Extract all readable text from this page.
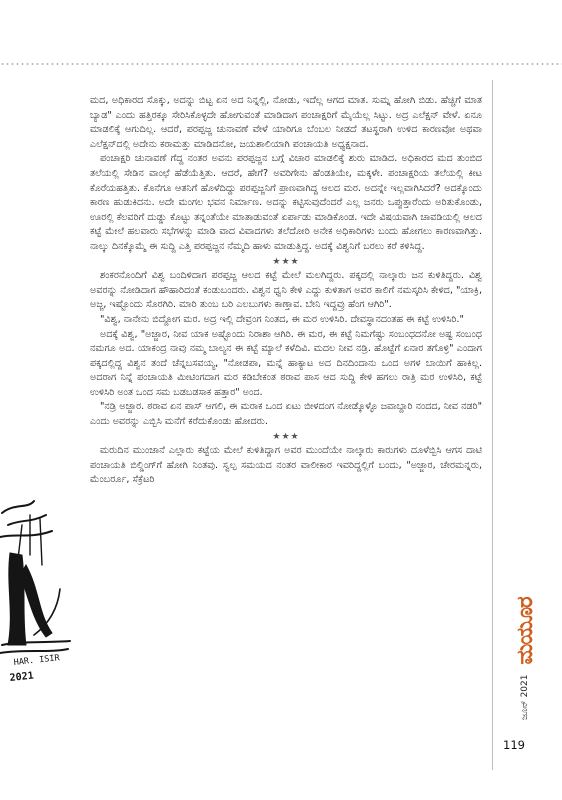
ಮದ, ಅಧಿಕಾರದ ಸೊಕ್ಕು, ಅದನ್ನು ಬಿಟ್ಟ ಏನ ಅದ ನಿನ್ನಲ್ಲಿ, ನೋಡು, ಇದೆಲ್ಲ ಆಗದ ಮಾತ. ಸುಮ್ನ ಹೋಗಿ ಬಿಡು. ಹೆಚ್ಚಿಗೆ ಮಾತ ಬ್ಯಾಡ" ಎಂದು ಹತ್ತಿರಕ್ಕೂ ಸೇರಿಸಿಕೊಳ್ಳದೇ ಹೋಗುವಂತೆ ಮಾಡಿದಾಗ ಪಂಚಾಕ್ಷರಿಗೆ ಮೈಯೆಲ್ಲ ಸಿಟ್ಟು. ಅದ್ರ ಎಲೆಕ್ಷನ್ ವೇಳೆ. ಏನೂ ಮಾಡಲಿಕ್ಕೆ ಆಗುದಿಲ್ಲ. ಆದರೆ, ಪರಪ್ಪಜ್ಜ ಚುನಾವಣೆ ವೇಳೆ ಯಾರಿಗೂ ಬೆಂಬಲ ನೀಡದೆ ತಟಸ್ಥರಾಗಿ ಉಳಿದ ಕಾರಣವೋ ಅಥವಾ ಎಲೆಕ್ಷನ್‌ದಲ್ಲಿ ಅದೇನು ಕರಾಮತ್ತು ಮಾಡಿದನೋ, ಜಯಶಾಲಿಯಾಗಿ ಪಂಚಾಯತಿ ಅಧ್ಯಕ್ಷನಾದ.

ಪಂಚಾಕ್ಷರಿ ಚುನಾವಣೆ ಗೆದ್ದ ನಂತರ ಅವನು ಪರಪ್ಪಜ್ಜನ ಬಗ್ಗೆ ವಿಚಾರ ಮಾಡಲಿಕ್ಕೆ ಶುರು ಮಾಡಿದ. ಅಧಿಕಾರದ ಮದ ತುಂಬಿದ ತಲೆಯಲ್ಲಿ ಸೇಡಿನ ವಾಂಛೆ ಹೆಡೆಯೆತ್ತಿತು. ಆದರೆ, ಹೇಗೆ? ಅವರಿಗೇನು ಹೆಂಡತಿಯೇ, ಮಕ್ಕಳೇ. ಪಂಚಾಕ್ಷರಿಯ ತಲೆಯಲ್ಲಿ ಕೀಟ ಕೊರೆಯಹತ್ತಿತು. ಕೊನೆಗೂ ಆತನಿಗೆ ಹೊಳೆದಿದ್ದು ಪರಪ್ಪಜ್ಜನಿಗೆ ಪ್ರಾಣವಾಗಿದ್ದ ಆಲದ ಮರ. ಅದನ್ನೇ ಇಲ್ಲವಾಗಿಸಿದರೆ? ಅದಕ್ಕೊಂದು ಕಾರಣ ಹುಡುಕಿದನು. ಅದೇ ಮಂಗಲ ಭವನ ನಿರ್ಮಾಣ. ಅದನ್ನು ಕಟ್ಟಿಸುವುದೆಂದರೆ ಎಲ್ಲ ಜನರು ಒಪ್ಪುತ್ತಾರೆಂದು ಅರಿತುಕೊಂಡು, ಊರಲ್ಲಿ ಕೆಲವರಿಗೆ ದುಡ್ಡು ಕೊಟ್ಟು ತನ್ನಂತೆಯೇ ಮಾತಾಡುವಂತೆ ಏರ್ಪಾಡು ಮಾಡಿಕೊಂಡ. ಇದೇ ವಿಷಯವಾಗಿ ಚಾವಡಿಯಲ್ಲಿ ಆಲದ ಕಟ್ಟೆ ಮೇಲೆ ಹಲವಾರು ಸಭೆಗಳನ್ನು ಮಾಡಿ ವಾದ ವಿವಾದಗಳು ತಲೆದೋರಿ ಅನೇಕ ಅಧಿಕಾರಿಗಳು ಬಂದು ಹೋಗಲು ಕಾರಣವಾಗಿತ್ತು. ನಾಲ್ಕು ದಿನಕ್ಕೊಮ್ಮೆ ಈ ಸುದ್ದಿ ಎತ್ತಿ ಪರಪ್ಪಜ್ಜನ ನೆಮ್ಮದಿ ಹಾಳು ಮಾಡುತ್ತಿದ್ದ. ಅದಕ್ಕೆ ವಿಶ್ವನಿಗೆ ಬರಲು ಕರೆ ಕಳಿಸಿದ್ದ.

★★★

ಶಂಕರನೊಂದಿಗೆ ವಿಶ್ವ ಬಂದಿಳಿದಾಗ ಪರಪ್ಪಜ್ಜ ಆಲದ ಕಟ್ಟೆ ಮೇಲೆ ಮಲಗಿದ್ದರು. ಪಕ್ಕದಲ್ಲಿ ನಾಲ್ಕಾರು ಜನ ಕುಳಿತಿದ್ದರು. ವಿಶ್ವ ಅವರನ್ನು ನೋಡಿದಾಗ ಹೌಹಾರಿದಂತೆ ಕಂಡುಬಂದರು. ವಿಶ್ವನ ಧ್ವನಿ ಕೇಳಿ ಎದ್ದು ಕುಳಿತಾಗ ಅವರ ಕಾಲಿಗೆ ನಮಸ್ಕರಿಸಿ ಕೇಳಿದ, "ಯಾಕ್ರಿ, ಅಜ್ಜ, ಇಷ್ಟೊಂದು ಸೊರಗಿರಿ. ಮಾರಿ ತುಂಬ ಬರಿ ಎಲಬುಗಳು ಕಾಣ್ತಾವ. ಬೇನಿ ಇದ್ದವ್ರು ಹೆಂಗ ಆಗಿರಿ".

"ವಿಶ್ವ, ನಾನೇನು ಬಿದ್ದೋಗ ಮರ. ಅದ್ರ ಇಲ್ಲಿ ದೇವ್ರಂಗ ನಿಂತದ, ಈ ಮರ ಉಳಿಸಿರಿ. ದೇವಸ್ಥಾನದಂತಹ ಈ ಕಟ್ಟೆ ಉಳಿಸಿರಿ."

ಅದಕ್ಕೆ ವಿಶ್ವ, "ಅಜ್ಜಾರ, ನೀವ ಯಾಕ ಅಷ್ಟೊಂದು ನಿರಾಶಾ ಆಗಿರಿ. ಈ ಮರ, ಈ ಕಟ್ಟೆ ನಿಮಗೆಷ್ಟು ಸಂಬಂಧದನೋ ಅಷ್ಟ ಸಂಬಂಧ ನಮಗೂ ಅದ. ಯಾಕಂದ್ರ ನಾವು ನಮ್ಮ ಬಾಲ್ಯನ ಈ ಕಟ್ಟೆ ಮ್ಯಾಲೆ ಕಳೆದಿವಿ. ಮದಲ ನೀವ ನಡ್ರಿ. ಹೊಟ್ಟೆಗೆ ಏನಾರ ತಗೊಳ್ರಿ" ಎಂದಾಗ ಪಕ್ಕದಲ್ಲಿದ್ದ ವಿಶ್ವನ ತಂದೆ ಚೆನ್ನಬಸವಯ್ಯ, "ನೋಡಪಾ, ಮನ್ನೆ ಹಾಕ್ಯಾಟ ಅದ ದಿನದಿಂದಾನು ಒಂದ ಅಗಳ ಬಾಯಿಗೆ ಹಾಕಿಲ್ಲ. ಅದರಾಗ ನಿನ್ನೆ ಪಂಚಾಯತಿ ಮೀಟಿಂಗದಾಗ ಮರ ಕಡಿಬೇಕಂತ ಠರಾವ ಪಾಸ ಆದ ಸುದ್ದಿ ಕೇಳಿ ಹಗಲು ರಾತ್ರಿ ಮರ ಉಳಿಸಿರಿ, ಕಟ್ಟೆ ಉಳಿಸಿರಿ ಅಂತ ಒಂದ ಸಮ ಬಡಬಡಸಾಕ ಹತ್ತಾರ" ಅಂದ.

"ನಡ್ರಿ ಅಜ್ಜಾರ. ಠರಾವ ಏನ ಪಾಸ್ ಆಗಲಿ, ಈ ಮರಾಕ ಒಂದ ಏಟು ಬೀಳದಂಗ ನೋಡ್ಕೊಳ್ಳೊ ಜವಾಬ್ದಾರಿ ನಂದದ, ನೀವ ನಡರಿ" ಎಂದು ಅವರನ್ನು ಎಬ್ಬಿಸಿ ಮನೆಗೆ ಕರೆದುಕೊಂಡು ಹೋದರು.

★★★

ಮರುದಿನ ಮುಂಜಾನೆ ಎಲ್ಲಾರು ಕಟ್ಟೆಯ ಮೇಲೆ ಕುಳಿತಿದ್ದಾಗ ಅವರ ಮುಂದೆಯೇ ನಾಲ್ಕಾರು ಕಾರುಗಳು ದೂಳೆಬ್ಬಿಸಿ ಆಗಸ ದಾಟಿ ಪಂಚಾಯತಿ ಬಿಲ್ಡಿಂಗ್‌ಗೆ ಹೋಗಿ ನಿಂತವು. ಸ್ವಲ್ಪ ಸಮಯದ ನಂತರ ವಾಲೀಕಾರ ಇವರಿದ್ದಲ್ಲಿಗೆ ಬಂದು, "ಅಜ್ಜಾರ, ಚೇರಮನ್ನರು, ಮೆಂಬರ್ರೂ, ಸೆಕ್ರೆಟರಿ

ಜೂನ್ 2021
ಮಯೂರ
119
HAR. ISIR
2021
